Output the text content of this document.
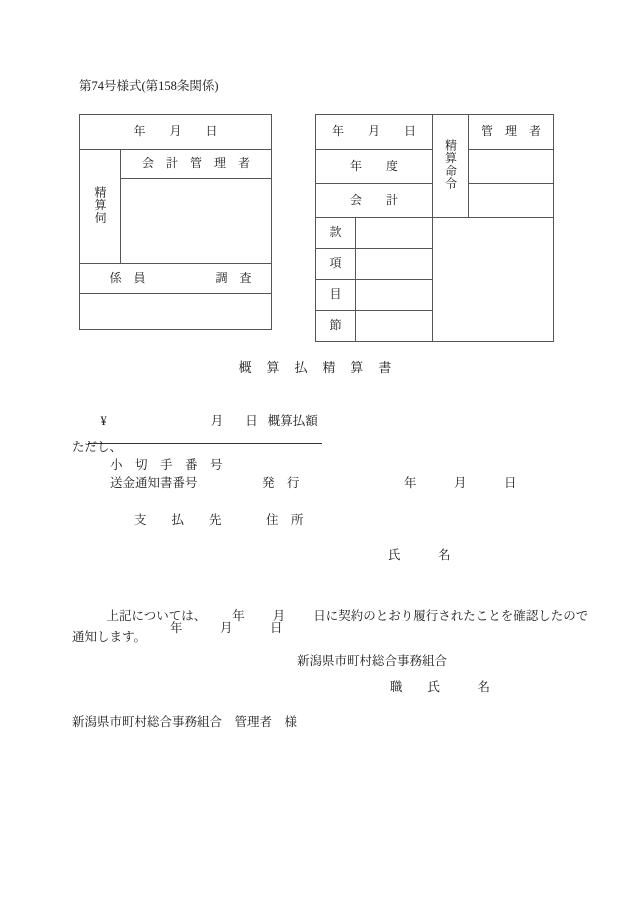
第74号様式(第158条関係)
年　　月　　日
精算伺	会　計　管　理　者

係　員	調　査

年　　月　　日		精算命令	管　理　者
年　　度			
会　　計			
款			
項			
目			
節			
概算払精算書

¥	月 日 概算払額

ただし、
小　切　手　番　号
送金通知書番号	発　行	年　　　月　　　日
支　　払　　先	住　所
氏　　　名

上記については、 年 月 日に契約のとおり履行されたことを確認したので
通知します。

年　　　月　　　日
新潟県市町村総合事務組合
職　　氏　　　名
新潟県市町村総合事務組合　管理者　様
